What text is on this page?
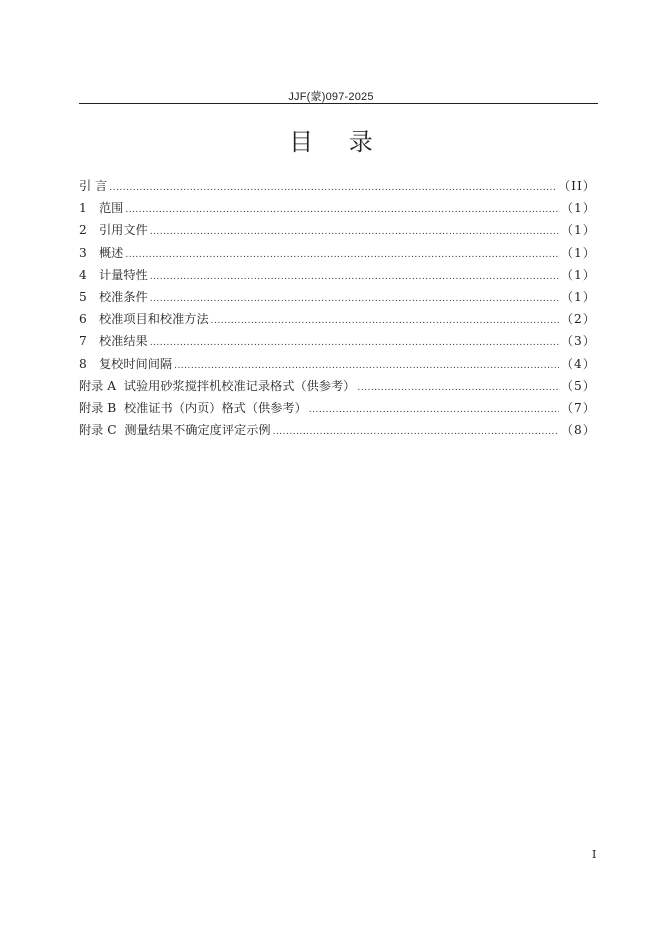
JJF(蒙)097-2025
目 录
引 言 .....	（II）
1　范围 .....	（1）
2　引用文件 .....	（1）
3　概述 .....	（1）
4　计量特性 .....	（1）
5　校准条件 .....	（1）
6　校准项目和校准方法 .....	（2）
7　校准结果 .....	（3）
8　复校时间间隔 .....	（4）
附录 A  试验用砂浆搅拌机校准记录格式（供参考） .....	（5）
附录 B  校准证书（内页）格式（供参考） .....	（7）
附录 C  测量结果不确定度评定示例 .....	（8）
I
